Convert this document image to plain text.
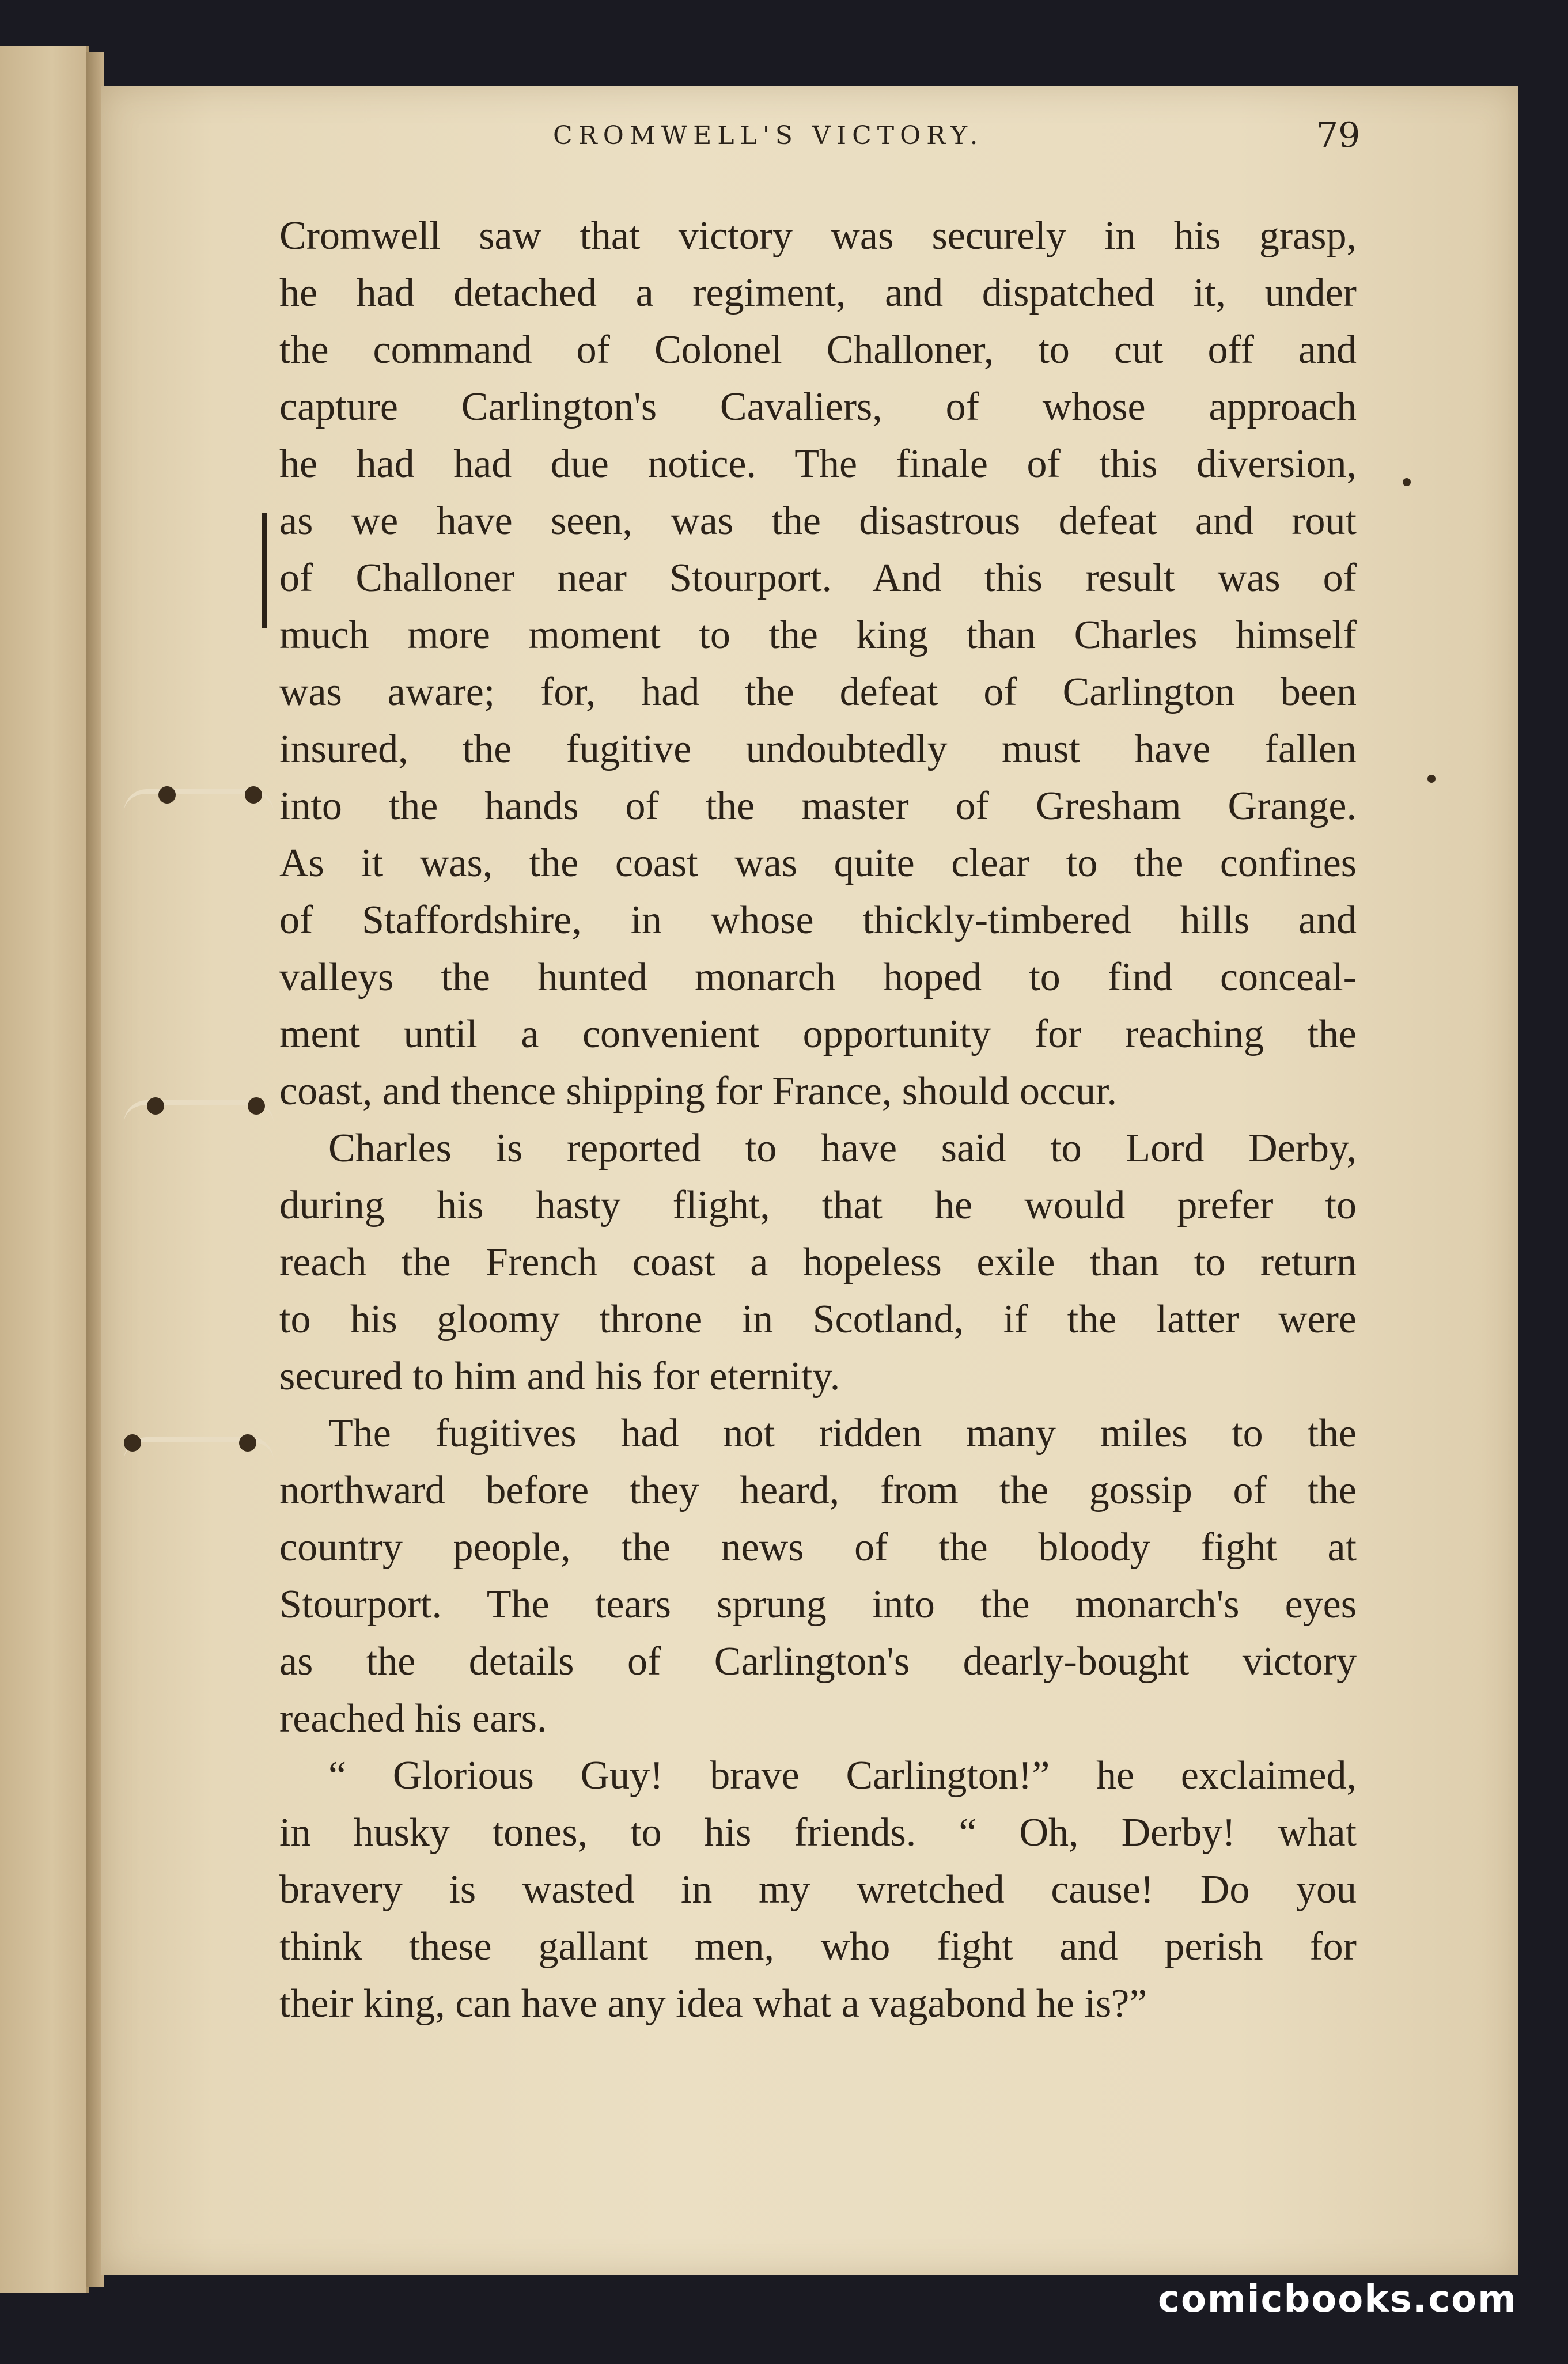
CROMWELL'S VICTORY.	79
Cromwell saw that victory was securely in his grasp,
he had detached a regiment, and dispatched it, under
the command of Colonel Challoner, to cut off and
capture Carlington's Cavaliers, of whose approach
he had had due notice. The finale of this diversion,
as we have seen, was the disastrous defeat and rout
of Challoner near Stourport. And this result was of
much more moment to the king than Charles himself
was aware; for, had the defeat of Carlington been
insured, the fugitive undoubtedly must have fallen
into the hands of the master of Gresham Grange.
As it was, the coast was quite clear to the confines
of Staffordshire, in whose thickly-timbered hills and
valleys the hunted monarch hoped to find conceal-
ment until a convenient opportunity for reaching the
coast, and thence shipping for France, should occur.
Charles is reported to have said to Lord Derby,
during his hasty flight, that he would prefer to
reach the French coast a hopeless exile than to return
to his gloomy throne in Scotland, if the latter were
secured to him and his for eternity.
The fugitives had not ridden many miles to the
northward before they heard, from the gossip of the
country people, the news of the bloody fight at
Stourport. The tears sprung into the monarch's eyes
as the details of Carlington's dearly-bought victory
reached his ears.
“ Glorious Guy! brave Carlington!” he exclaimed,
in husky tones, to his friends. “ Oh, Derby! what
bravery is wasted in my wretched cause! Do you
think these gallant men, who fight and perish for
their king, can have any idea what a vagabond he is?”
comicbooks.com
